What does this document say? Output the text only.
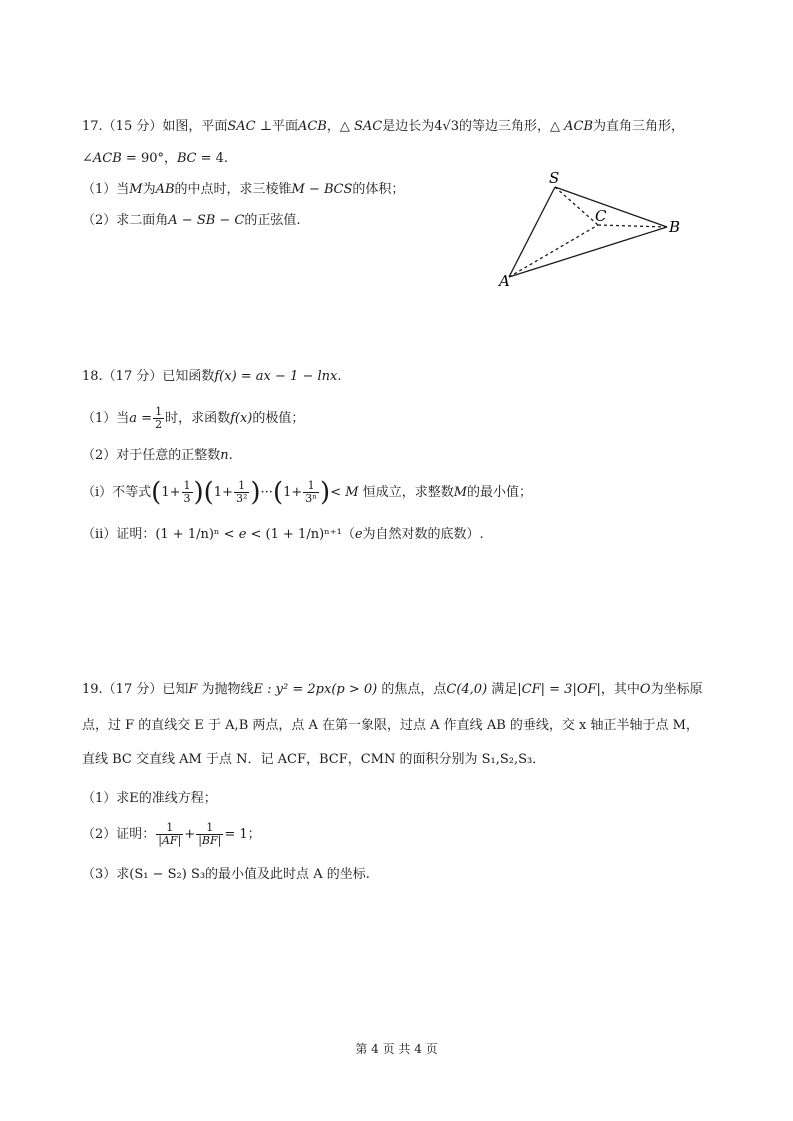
17.（15 分）如图，平面𝑆𝐴𝐶 ⊥平面𝐴𝐶𝐵，△ 𝑆𝐴𝐶是边长为4√3的等边三角形，△ 𝐴𝐶𝐵为直角三角形，
∠𝐴𝐶𝐵 = 90°，𝐵𝐶 = 4.
（1）当𝑀为𝐴𝐵的中点时，求三棱锥𝑀 − 𝐵𝐶𝑆的体积；
（2）求二面角𝐴 − 𝑆𝐵 − 𝐶的正弦值.
S
C
B
A
18.（17 分）已知函数f(x) = ax − 1 − lnx.
（1）当$a = \frac{1}{2}$ 时，求函数f(x)的极值；
（2）对于任意的正整数n.
（i）不等式$(1+ \frac{1}{3} )(1+ \frac{1}{\text{3²}} )\cdot\cdot\cdot(1+ \frac{1}{\text{3ⁿ}}$ )< M 恒成立，求整数M的最小值；
（ii）证明：(1 + 1/n)ⁿ < 𝑒 < (1 + 1/n)ⁿ⁺¹（𝑒为自然对数的底数）.
19.（17 分）已知F 为抛物线E : y² = 2px(p > 0) 的焦点，点C(4,0) 满足|CF| = 3|OF|，其中O为坐标原
点，过 F 的直线交 E 于 A,B 两点，点 A 在第一象限，过点 A 作直线 AB 的垂线，交 x 轴正半轴于点 M，
直线 BC 交直线 AM 于点 N．记 ACF，BCF，CMN 的面积分别为 S₁,S₂,S₃．
（1）求E的准线方程；
（2）证明： $\frac{1}{|AF|} + \frac{1}{|BF|} = 1$；
（3）求(S₁ − S₂) S₃的最小值及此时点 A 的坐标.
第 4 页 共 4 页
